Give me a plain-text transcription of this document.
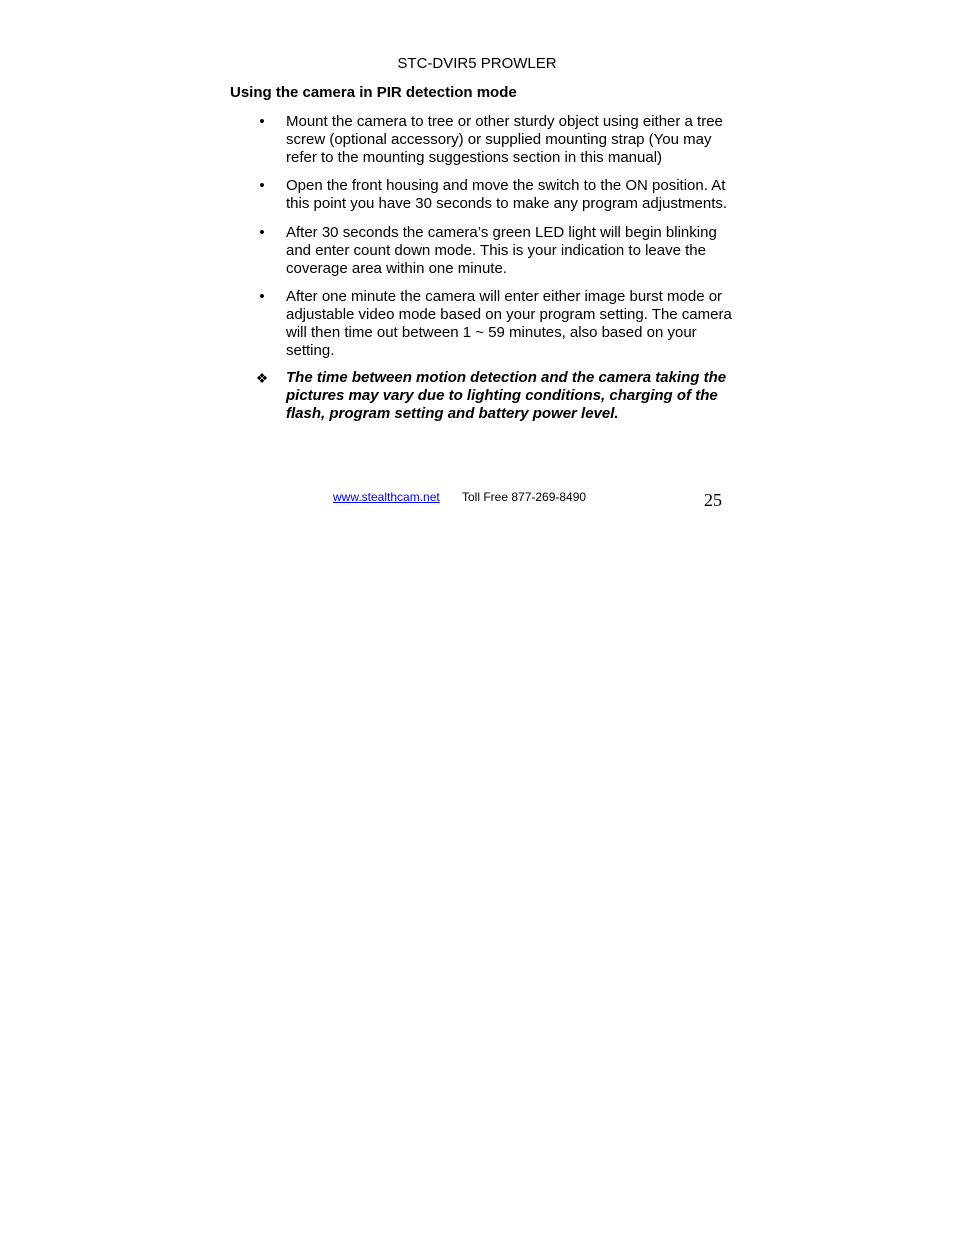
STC-DVIR5 PROWLER
Using the camera in PIR detection mode
• Mount the camera to tree or other sturdy object using either a tree screw (optional accessory) or supplied mounting strap (You may refer to the mounting suggestions section in this manual)
• Open the front housing and move the switch to the ON position. At this point you have 30 seconds to make any program adjustments.
• After 30 seconds the camera’s green LED light will begin blinking and enter count down mode. This is your indication to leave the coverage area within one minute.
• After one minute the camera will enter either image burst mode or adjustable video mode based on your program setting. The camera will then time out between 1 ~ 59 minutes, also based on your setting.
❖ The time between motion detection and the camera taking the pictures may vary due to lighting conditions, charging of the flash, program setting and battery power level.
www.stealthcam.net Toll Free 877-269-8490	25
